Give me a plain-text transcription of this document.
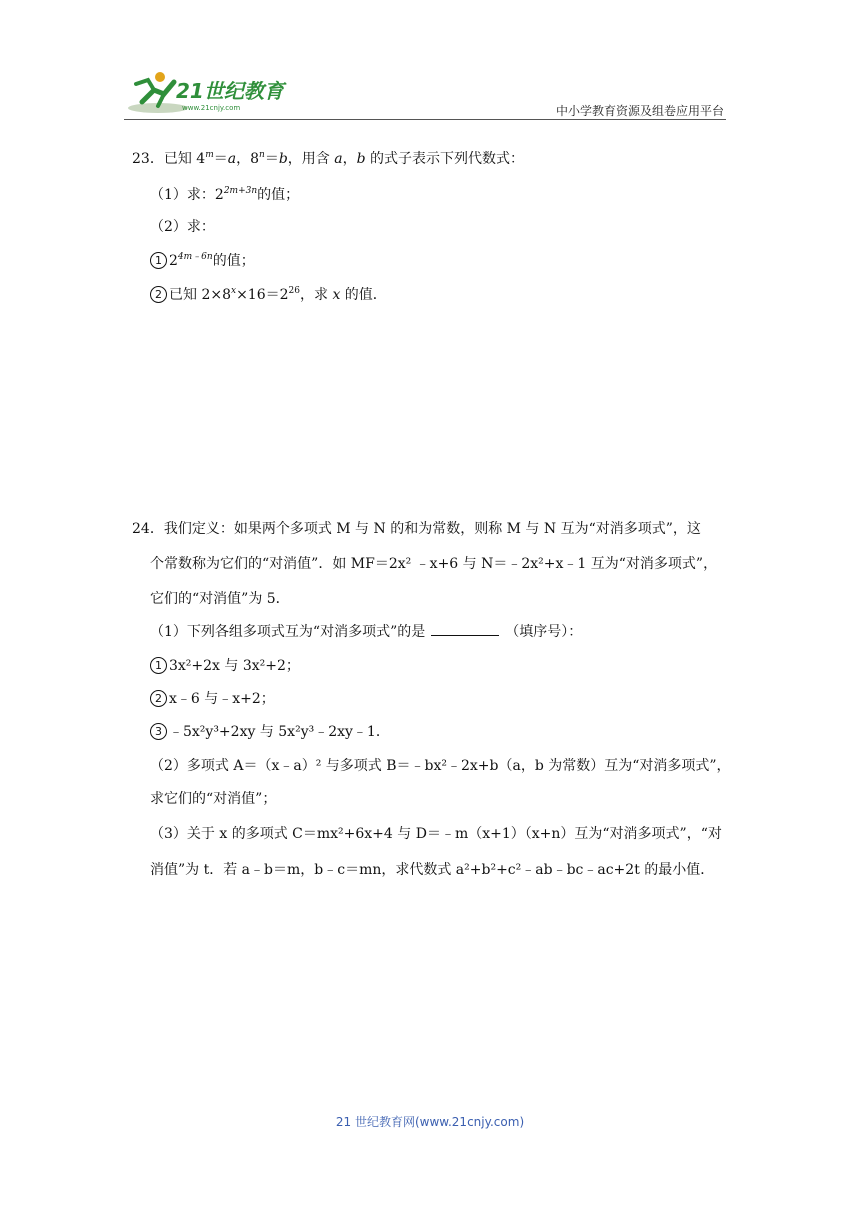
21世纪教育
www.21cnjy.com	中小学教育资源及组卷应用平台
23．已知 $4^m=a$，$8^n=b$，用含 a，b 的式子表示下列代数式：
（1）求：$2^{2m+3n}$的值；
（2）求：
1 $2^{4m﹣6n}$的值；
2 已知 $2\times 8^x\times 16=2^{26}$，求 x 的值．
24．我们定义：如果两个多项式 M 与 N 的和为常数，则称 M 与 N 互为“对消多项式”，这
个常数称为它们的“对消值”．如 MF＝2x² ﹣x+6 与 N＝﹣2x²+x﹣1 互为“对消多项式”，
它们的“对消值”为 5．
（1）下列各组多项式互为“对消多项式”的是	（填序号）：
1 3x²+2x 与 3x²+2；
2 x﹣6 与﹣x+2；
3 ﹣5x²y³+2xy 与 5x²y³﹣2xy﹣1．
（2）多项式 A＝（x﹣a）² 与多项式 B＝﹣bx²﹣2x+b（a，b 为常数）互为“对消多项式”，
求它们的“对消值”；
（3）关于 x 的多项式 C＝mx²+6x+4 与 D＝﹣m（x+1）（x+n）互为“对消多项式”，“对
消值”为 t．若 a﹣b＝m，b﹣c＝mn，求代数式 a²+b²+c²﹣ab﹣bc﹣ac+2t 的最小值．
21 世纪教育网(www.21cnjy.com)
